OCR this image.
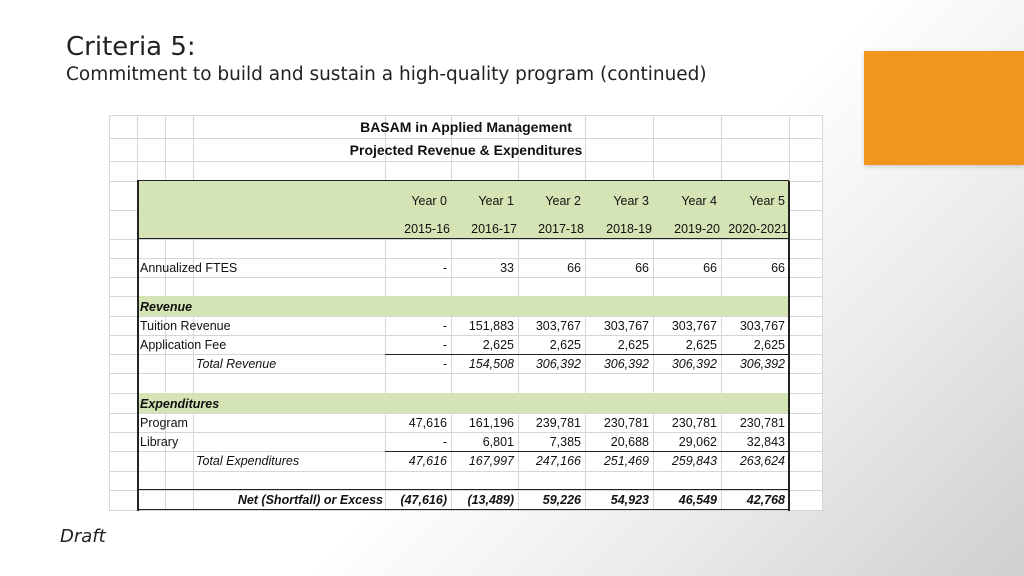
Criteria 5:
Commitment to build and sustain a high-quality program (continued)
Draft
BASAM in Applied Management
Projected Revenue & Expenditures
Year 0	Year 1	Year 2	Year 3	Year 4	Year 5
2015-16	2016-17	2017-18	2018-19	2019-20 2020-2021
Annualized FTES	-	33	66	66	66	66
Revenue
Tuition Revenue	-	151,883	303,767	303,767	303,767	303,767
Application Fee	-	2,625	2,625	2,625	2,625	2,625
Total Revenue	-	154,508	306,392	306,392	306,392	306,392
Expenditures
Program	47,616	161,196	239,781	230,781	230,781	230,781
Library	-	6,801	7,385	20,688	29,062	32,843
Total Expenditures	47,616	167,997	247,166	251,469	259,843	263,624
Net (Shortfall) or Excess	(47,616)	(13,489)	59,226	54,923	46,549	42,768
